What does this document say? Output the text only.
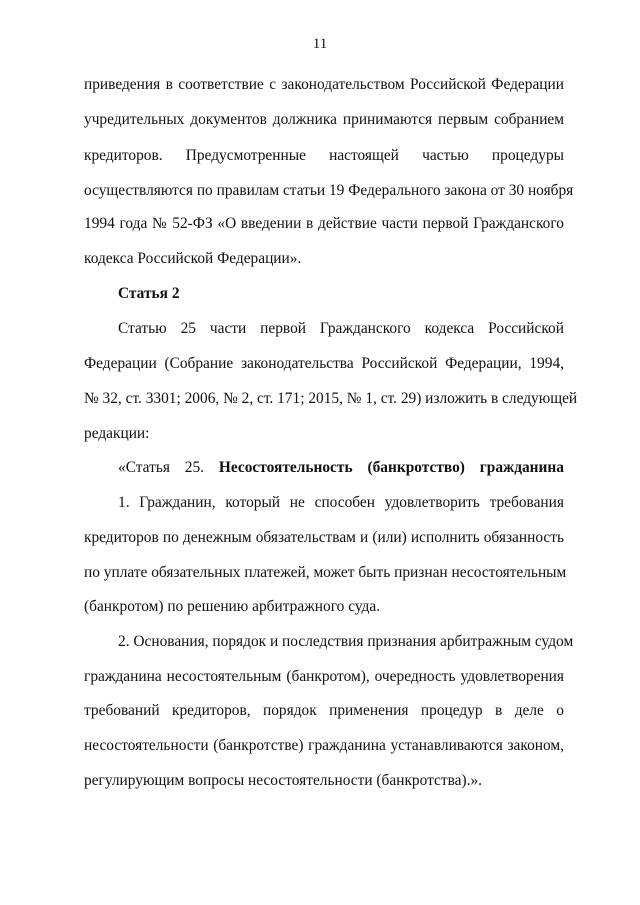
11
приведения в соответствие с законодательством Российской Федерации
учредительных документов должника принимаются первым собранием
кредиторов. Предусмотренные настоящей частью процедуры
осуществляются по правилам статьи 19 Федерального закона от 30 ноября
1994 года № 52-ФЗ «О введении в действие части первой Гражданского
кодекса Российской Федерации».
Статья 2
Статью 25 части первой Гражданского кодекса Российской
Федерации (Собрание законодательства Российской Федерации, 1994,
№ 32, ст. 3301; 2006, № 2, ст. 171; 2015, № 1, ст. 29) изложить в следующей
редакции:
«Статья 25. Несостоятельность (банкротство) гражданина
1. Гражданин, который не способен удовлетворить требования
кредиторов по денежным обязательствам и (или) исполнить обязанность
по уплате обязательных платежей, может быть признан несостоятельным
(банкротом) по решению арбитражного суда.
2. Основания, порядок и последствия признания арбитражным судом
гражданина несостоятельным (банкротом), очередность удовлетворения
требований кредиторов, порядок применения процедур в деле о
несостоятельности (банкротстве) гражданина устанавливаются законом,
регулирующим вопросы несостоятельности (банкротства).».
